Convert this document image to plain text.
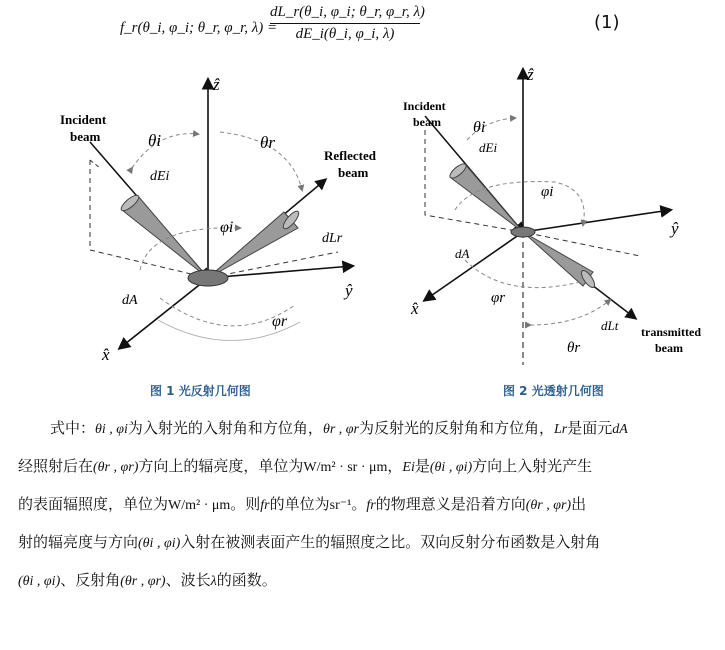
f_r(θ_i, φ_i; θ_r, φ_r, λ) =
$\frac{dL\_r(\theta\_i, \varphi\_i; \theta\_r, \varphi\_r, \lambda)}{dE\_i(\theta\_i, \varphi\_i, \lambda)}$	(1)
ẑ
ŷ
x̂
Incident
beam
Reflected
beam
θi	θr
dEi
φi
dLr
dA
φr
图 1 光反射几何图
ẑ
ŷ
x̂
Incident
beam
transmitted
beam
θi
dEi
φi
dA
φr
dLt
θr
图 2 光透射几何图
式中：θi , φi为入射光的入射角和方位角，θr , φr为反射光的反射角和方位角，Lr是面元dA
经照射后在(θr , φr)方向上的辐亮度，单位为W/m² · sr · μm，Ei是(θi , φi)方向上入射光产生
的表面辐照度，单位为W/m² · μm。则fr的单位为sr⁻¹。fr的物理意义是沿着方向(θr , φr)出
射的辐亮度与方向(θi , φi)入射在被测表面产生的辐照度之比。双向反射分布函数是入射角
(θi , φi)、反射角(θr , φr)、波长λ的函数。
